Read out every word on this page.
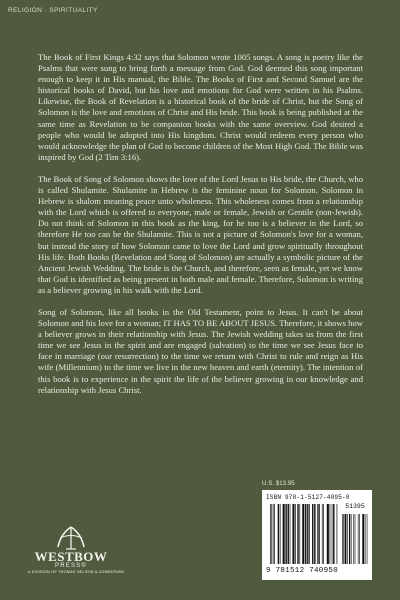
RELIGION · SPIRITUALITY

The Book of First Kings 4:32 says that Solomon wrote 1005 songs. A song is poetry like the Psalms that were sung to bring forth a message from God. God deemed this song important enough to keep it in His manual, the Bible. The Books of First and Second Samuel are the historical books of David, but his love and emotions for God were written in his Psalms. Likewise, the Book of Revelation is a historical book of the bride of Christ, but the Song of Solomon is the love and emotions of Christ and His bride. This book is being published at the same time as Revelation to be companion books with the same overview. God desired a people who would be adopted into His kingdom. Christ would redeem every person who would acknowledge the plan of God to become children of the Most High God. The Bible was inspired by God (2 Tim 3:16).

The Book of Song of Solomon shows the love of the Lord Jesus to His bride, the Church, who is called Shulamite. Shulamite in Hebrew is the feminine noun for Solomon. Solomon in Hebrew is shalom meaning peace unto wholeness. This wholeness comes from a relationship with the Lord which is offered to everyone, male or female, Jewish or Gentile (non-Jewish). Do not think of Solomon in this book as the king, for he too is a believer in the Lord, so therefore He too can be the Shulamite. This is not a picture of Solomon's love for a woman, but instead the story of how Solomon came to love the Lord and grow spiritually throughout His life. Both Books (Revelation and Song of Solomon) are actually a symbolic picture of the Ancient Jewish Wedding. The bride is the Church, and therefore, seen as female, yet we know that God is identified as being present in both male and female. Therefore, Solomon is writing as a believer growing in his walk with the Lord.

Song of Solomon, like all books in the Old Testament, point to Jesus. It can't be about Solomon and his love for a woman; IT HAS TO BE ABOUT JESUS. Therefore, it shows how a believer grows in their relationship with Jesus. The Jewish wedding takes us from the first time we see Jesus in the spirit and are engaged (salvation) to the time we see Jesus face to face in marriage (our resurrection) to the time we return with Christ to rule and reign as His wife (Millennium) to the time we live in the new heaven and earth (eternity). The intention of this book is to experience in the spirit the life of the believer growing in our knowledge and relationship with Jesus Christ.

U.S. $13.95
ISBN 978-1-5127-4095-0
51395
9 781512 740950
WESTBOW
PRESS®
A DIVISION OF THOMAS NELSON & ZONDERVAN
